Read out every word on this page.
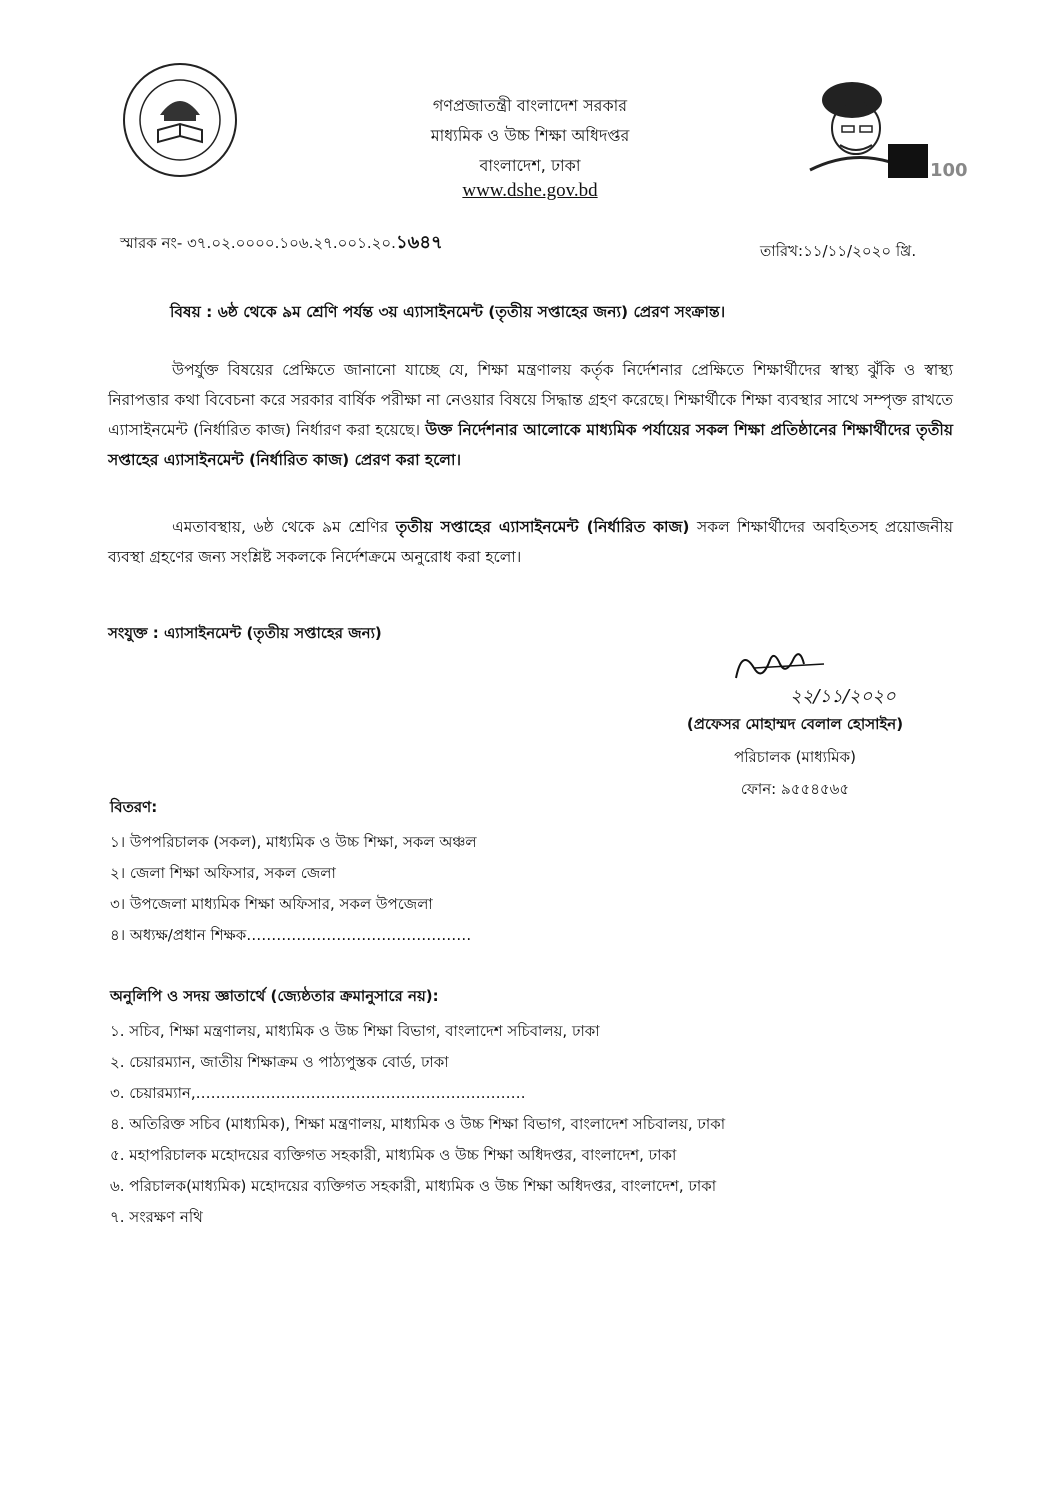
গণপ্রজাতন্ত্রী বাংলাদেশ সরকার
মাধ্যমিক ও উচ্চ শিক্ষা অধিদপ্তর
বাংলাদেশ, ঢাকা
www.dshe.gov.bd
100
স্মারক নং- ৩৭.০২.০০০০.১০৬.২৭.০০১.২০.১৬৪৭	তারিখ:১১/১১/২০২০ খ্রি.
বিষয় : ৬ষ্ঠ থেকে ৯ম শ্রেণি পর্যন্ত ৩য় এ্যাসাইনমেন্ট (তৃতীয় সপ্তাহের জন্য) প্রেরণ সংক্রান্ত।
উপর্যুক্ত বিষয়ের প্রেক্ষিতে জানানো যাচ্ছে যে, শিক্ষা মন্ত্রণালয় কর্তৃক নির্দেশনার প্রেক্ষিতে শিক্ষার্থীদের স্বাস্থ্য ঝুঁকি ও স্বাস্থ্য নিরাপত্তার কথা বিবেচনা করে সরকার বার্ষিক পরীক্ষা না নেওয়ার বিষয়ে সিদ্ধান্ত গ্রহণ করেছে। শিক্ষার্থীকে শিক্ষা ব্যবস্থার সাথে সম্পৃক্ত রাখতে এ্যাসাইনমেন্ট (নির্ধারিত কাজ) নির্ধারণ করা হয়েছে। উক্ত নির্দেশনার আলোকে মাধ্যমিক পর্যায়ের সকল শিক্ষা প্রতিষ্ঠানের শিক্ষার্থীদের তৃতীয় সপ্তাহের এ্যাসাইনমেন্ট (নির্ধারিত কাজ) প্রেরণ করা হলো।
এমতাবস্থায়, ৬ষ্ঠ থেকে ৯ম শ্রেণির তৃতীয় সপ্তাহের এ্যাসাইনমেন্ট (নির্ধারিত কাজ) সকল শিক্ষার্থীদের অবহিতসহ প্রয়োজনীয় ব্যবস্থা গ্রহণের জন্য সংশ্লিষ্ট সকলকে নির্দেশক্রমে অনুরোধ করা হলো।
সংযুক্ত : এ্যাসাইনমেন্ট (তৃতীয় সপ্তাহের জন্য)
২২/১১/২০২০
(প্রফেসর মোহাম্মদ বেলাল হোসাইন)
পরিচালক (মাধ্যমিক)
ফোন: ৯৫৫৪৫৬৫
বিতরণ:
১। উপপরিচালক (সকল), মাধ্যমিক ও উচ্চ শিক্ষা, সকল অঞ্চল
২। জেলা শিক্ষা অফিসার, সকল জেলা
৩। উপজেলা মাধ্যমিক শিক্ষা অফিসার, সকল উপজেলা
৪। অধ্যক্ষ/প্রধান শিক্ষক………………………………………
অনুলিপি ও সদয় জ্ঞাতার্থে (জ্যেষ্ঠতার ক্রমানুসারে নয়):
১. সচিব, শিক্ষা মন্ত্রণালয়, মাধ্যমিক ও উচ্চ শিক্ষা বিভাগ, বাংলাদেশ সচিবালয়, ঢাকা
২. চেয়ারম্যান, জাতীয় শিক্ষাক্রম ও পাঠ্যপুস্তক বোর্ড, ঢাকা
৩. চেয়ারম্যান,…………………………………………………………
৪. অতিরিক্ত সচিব (মাধ্যমিক), শিক্ষা মন্ত্রণালয়, মাধ্যমিক ও উচ্চ শিক্ষা বিভাগ, বাংলাদেশ সচিবালয়, ঢাকা
৫. মহাপরিচালক মহোদয়ের ব্যক্তিগত সহকারী, মাধ্যমিক ও উচ্চ শিক্ষা অধিদপ্তর, বাংলাদেশ, ঢাকা
৬. পরিচালক(মাধ্যমিক) মহোদয়ের ব্যক্তিগত সহকারী, মাধ্যমিক ও উচ্চ শিক্ষা অধিদপ্তর, বাংলাদেশ, ঢাকা
৭. সংরক্ষণ নথি
